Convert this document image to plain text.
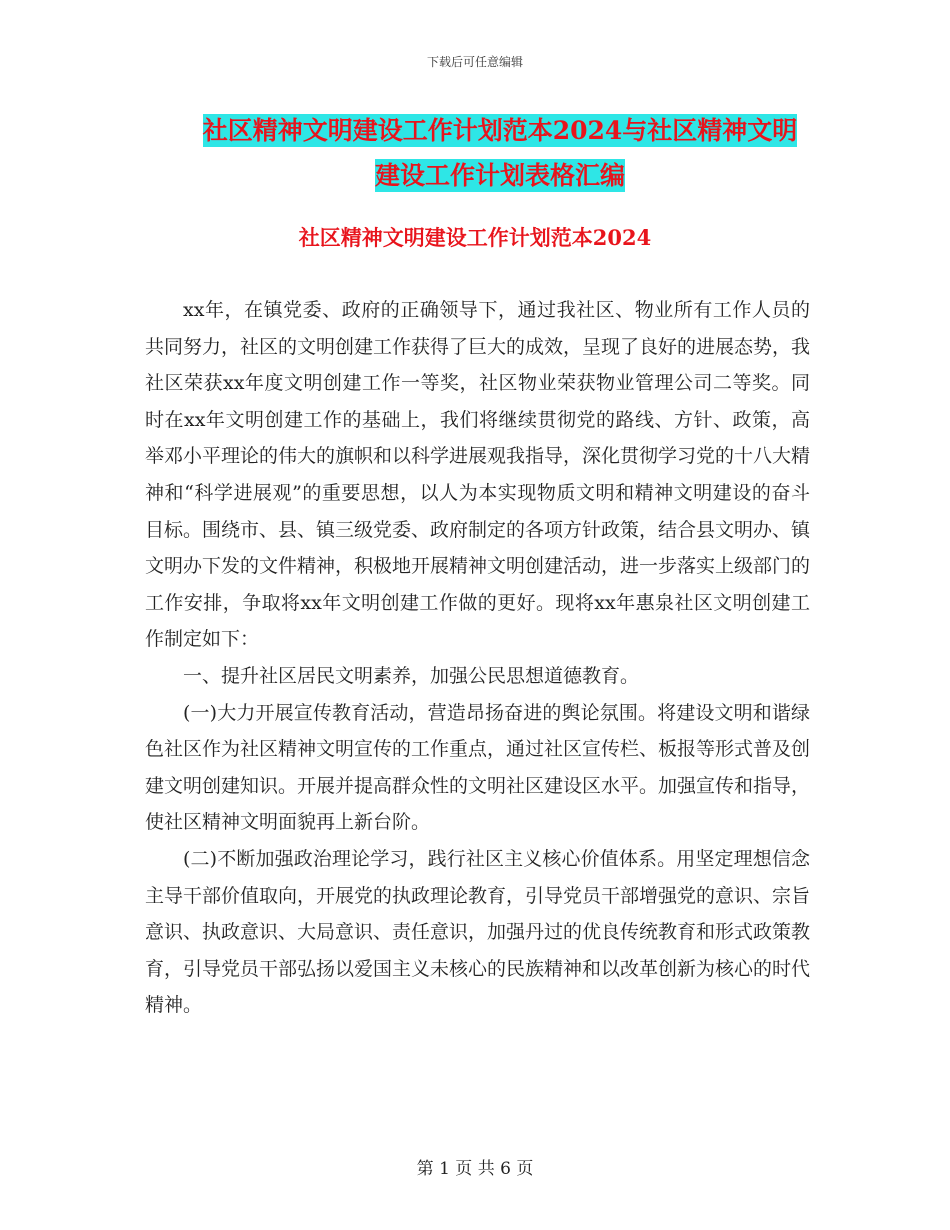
下载后可任意编辑
社区精神文明建设工作计划范本2024与社区精神文明
建设工作计划表格汇编
社区精神文明建设工作计划范本2024

xx年，在镇党委、政府的正确领导下，通过我社区、物业所有工作人员的共同努力，社区的文明创建工作获得了巨大的成效，呈现了良好的进展态势，我社区荣获xx年度文明创建工作一等奖，社区物业荣获物业管理公司二等奖。同时在xx年文明创建工作的基础上，我们将继续贯彻党的路线、方针、政策，高举邓小平理论的伟大的旗帜和以科学进展观我指导，深化贯彻学习党的十八大精神和“科学进展观”的重要思想，以人为本实现物质文明和精神文明建设的奋斗目标。围绕市、县、镇三级党委、政府制定的各项方针政策，结合县文明办、镇文明办下发的文件精神，积极地开展精神文明创建活动，进一步落实上级部门的工作安排，争取将xx年文明创建工作做的更好。现将xx年惠泉社区文明创建工作制定如下：

一、提升社区居民文明素养，加强公民思想道德教育。

(一)大力开展宣传教育活动，营造昂扬奋进的舆论氛围。将建设文明和谐绿色社区作为社区精神文明宣传的工作重点，通过社区宣传栏、板报等形式普及创建文明创建知识。开展并提高群众性的文明社区建设区水平。加强宣传和指导，使社区精神文明面貌再上新台阶。

(二)不断加强政治理论学习，践行社区主义核心价值体系。用坚定理想信念主导干部价值取向，开展党的执政理论教育，引导党员干部增强党的意识、宗旨意识、执政意识、大局意识、责任意识，加强丹过的优良传统教育和形式政策教育，引导党员干部弘扬以爱国主义未核心的民族精神和以改革创新为核心的时代精神。

第 1 页 共 6 页
